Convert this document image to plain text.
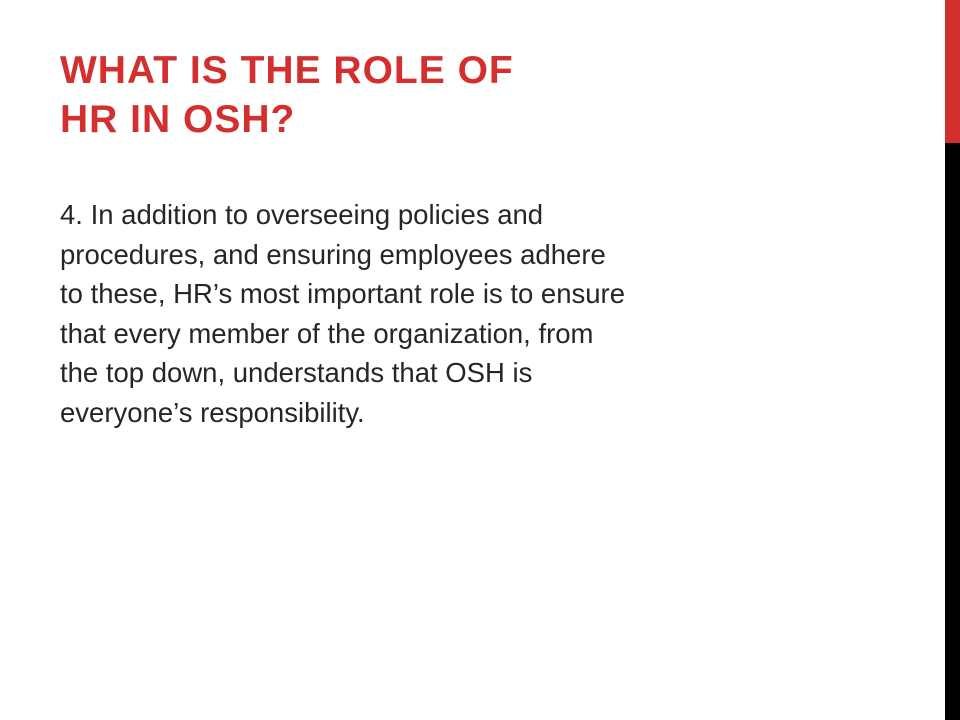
WHAT IS THE ROLE OF
HR IN OSH?

4. In addition to overseeing policies and
procedures, and ensuring employees adhere
to these, HR’s most important role is to ensure
that every member of the organization, from
the top down, understands that OSH is
everyone’s responsibility.
